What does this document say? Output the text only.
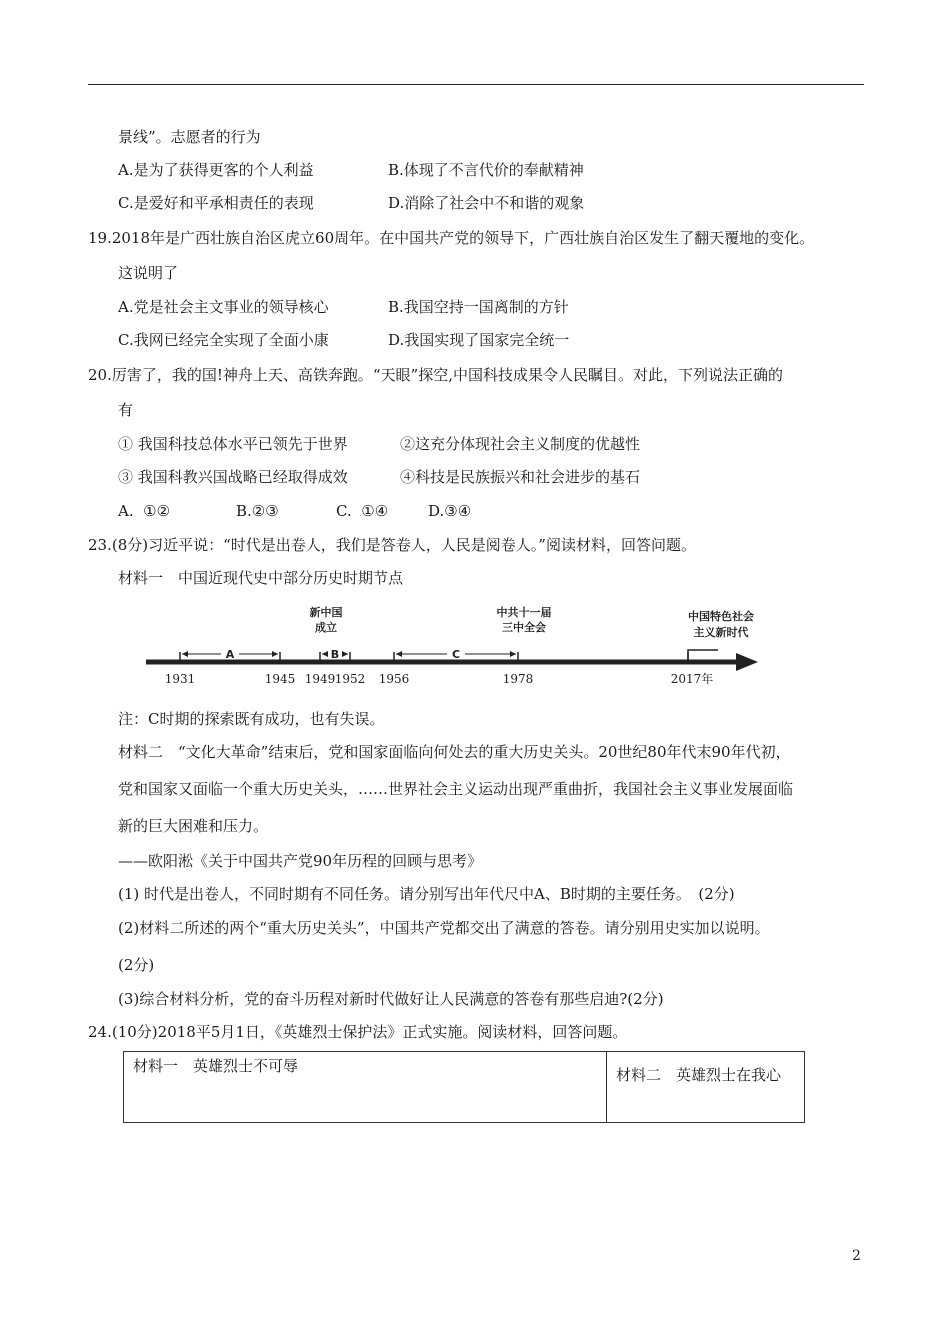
景线”。志愿者的行为
A.是为了获得更客的个人利益	B.体现了不言代价的奉献精神
C.是爱好和平承相责任的表现	D.消除了社会中不和谐的观象
19.2018年是广西壮族自治区虎立60周年。在中国共产党的领导下，广西壮族自治区发生了翻天覆地的变化。
这说明了
A.党是社会主文事业的领导核心	B.我国空持一国离制的方针
C.我网已经完全实现了全面小康	D.我国实现了国家完全统一
20.厉害了，我的国!神舟上天、高铁奔跑。“天眼”探空,中国科技成果令人民瞩目。对此，下列说法正确的
有
① 我国科技总体水平已领先于世界	②这充分体现社会主义制度的优越性
③ 我国科教兴国战略已经取得成效	④科技是民族振兴和社会进步的基石
A. ①②	B.②③	C. ①④	D.③④
23.(8分)习近平说：“时代是出卷人，我们是答卷人，人民是阅卷人。”阅读材料，回答问题。
材料一　中国近现代史中部分历史时期节点
新中国
成立
中共十一届
三中全会
中国特色社会
主义新时代
A	B	C
1931	1945 1949 1952 1956	1978	2017年
注：C时期的探索既有成功，也有失误。
材料二　“文化大革命”结束后，党和国家面临向何处去的重大历史关头。20世纪80年代末90年代初，
党和国家又面临一个重大历史关头，……世界社会主义运动出现严重曲折，我国社会主义事业发展面临
新的巨大困难和压力。
——欧阳淞《关于中国共产党90年历程的回顾与思考》
(1) 时代是出卷人，不同时期有不同任务。请分别写出年代尺中A、B时期的主要任务。　(2分)
(2)材料二所述的两个“重大历史关头”，中国共产党都交出了满意的答卷。请分别用史实加以说明。
(2分)
(3)综合材料分析，党的奋斗历程对新时代做好让人民满意的答卷有那些启迪?(2分)
24.(10分)2018平5月1日，《英雄烈士保护法》正式实施。阅读材料，回答问题。
材料一　英雄烈士不可辱	材料二　英雄烈士在我心
2
